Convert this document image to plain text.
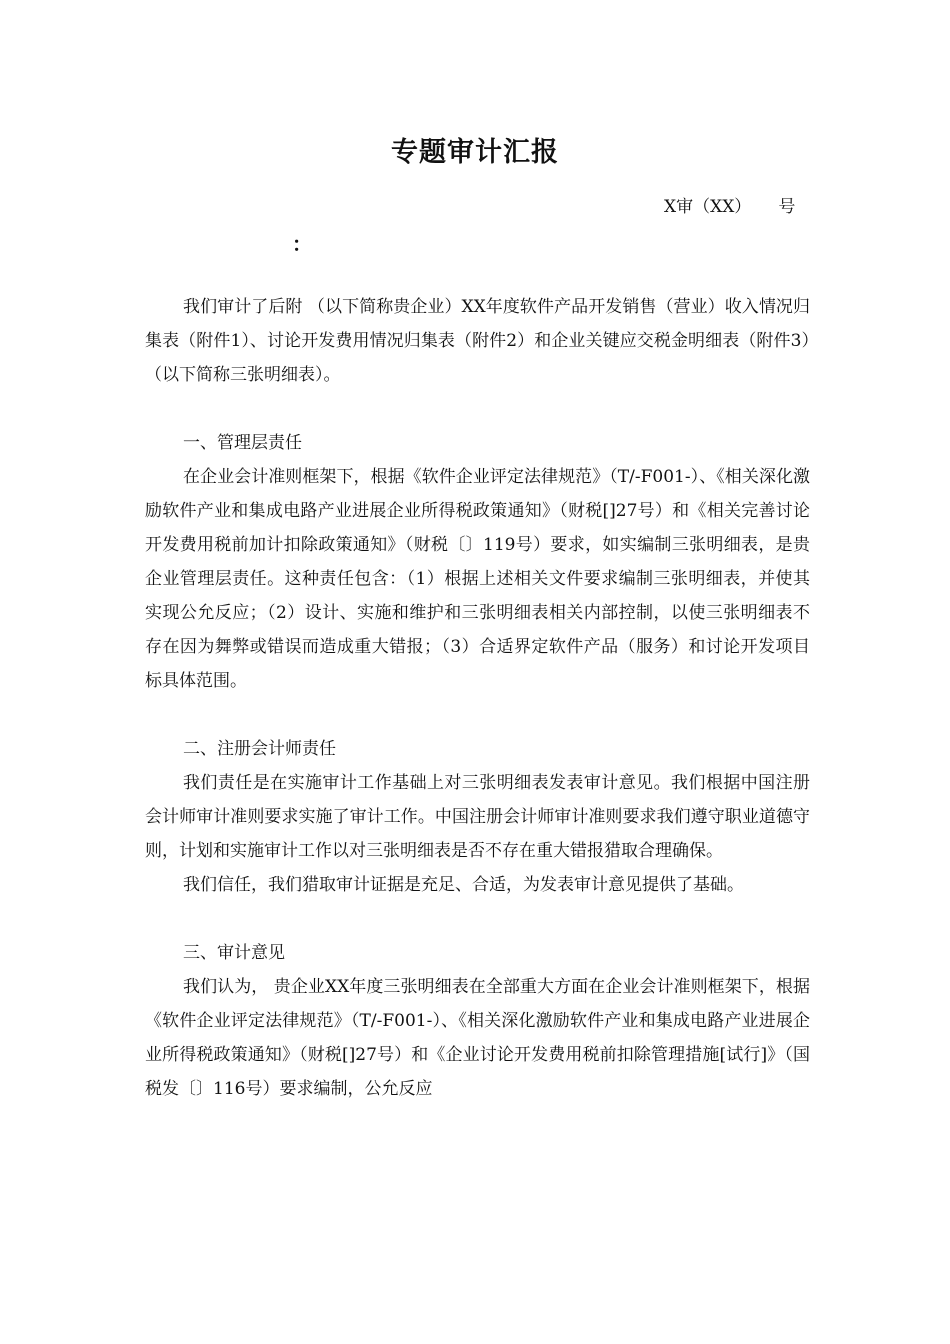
专题审计汇报
X审（XX）     号
：

我们审计了后附 （以下简称贵企业）XX年度软件产品开发销售（营业）收入情况归集表（附件1）、讨论开发费用情况归集表（附件2）和企业关键应交税金明细表（附件3）（以下简称三张明细表）。

一、管理层责任

在企业会计准则框架下，根据《软件企业评定法律规范》（T/-F001-）、《相关深化激励软件产业和集成电路产业进展企业所得税政策通知》（财税[]27号）和《相关完善讨论开发费用税前加计扣除政策通知》（财税〔〕119号）要求，如实编制三张明细表，是贵企业管理层责任。这种责任包含：（1）根据上述相关文件要求编制三张明细表，并使其实现公允反应；（2）设计、实施和维护和三张明细表相关内部控制，以使三张明细表不存在因为舞弊或错误而造成重大错报；（3）合适界定软件产品（服务）和讨论开发项目标具体范围。

二、注册会计师责任

我们责任是在实施审计工作基础上对三张明细表发表审计意见。我们根据中国注册会计师审计准则要求实施了审计工作。中国注册会计师审计准则要求我们遵守职业道德守则，计划和实施审计工作以对三张明细表是否不存在重大错报猎取合理确保。

我们信任，我们猎取审计证据是充足、合适，为发表审计意见提供了基础。

三、审计意见

我们认为， 贵企业XX年度三张明细表在全部重大方面在企业会计准则框架下，根据《软件企业评定法律规范》（T/-F001-）、《相关深化激励软件产业和集成电路产业进展企业所得税政策通知》（财税[]27号）和《企业讨论开发费用税前扣除管理措施[试行]》（国税发〔〕116号）要求编制，公允反应
